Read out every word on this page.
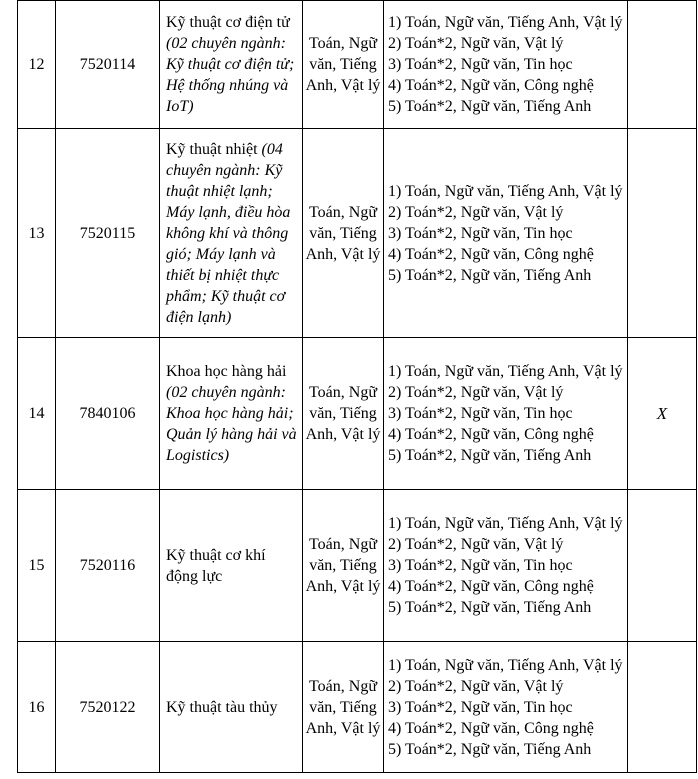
12	7520114	Kỹ thuật cơ điện tử (02 chuyên ngành: Kỹ thuật cơ điện tử; Hệ thống nhúng và IoT)	Toán, Ngữ văn, Tiếng Anh, Vật lý	1) Toán, Ngữ văn, Tiếng Anh, Vật lý
2) Toán*2, Ngữ văn, Vật lý
3) Toán*2, Ngữ văn, Tin học
4) Toán*2, Ngữ văn, Công nghệ
5) Toán*2, Ngữ văn, Tiếng Anh	

13	7520115	Kỹ thuật nhiệt (04 chuyên ngành: Kỹ thuật nhiệt lạnh; Máy lạnh, điều hòa không khí và thông gió; Máy lạnh và thiết bị nhiệt thực phẩm; Kỹ thuật cơ điện lạnh)	Toán, Ngữ văn, Tiếng Anh, Vật lý	1) Toán, Ngữ văn, Tiếng Anh, Vật lý
2) Toán*2, Ngữ văn, Vật lý
3) Toán*2, Ngữ văn, Tin học
4) Toán*2, Ngữ văn, Công nghệ
5) Toán*2, Ngữ văn, Tiếng Anh	

14	7840106	Khoa học hàng hải (02 chuyên ngành: Khoa học hàng hải; Quản lý hàng hải và Logistics)	Toán, Ngữ văn, Tiếng Anh, Vật lý	1) Toán, Ngữ văn, Tiếng Anh, Vật lý
2) Toán*2, Ngữ văn, Vật lý
3) Toán*2, Ngữ văn, Tin học
4) Toán*2, Ngữ văn, Công nghệ
5) Toán*2, Ngữ văn, Tiếng Anh	X
15	7520116	Kỹ thuật cơ khí động lực	Toán, Ngữ văn, Tiếng Anh, Vật lý	1) Toán, Ngữ văn, Tiếng Anh, Vật lý
2) Toán*2, Ngữ văn, Vật lý
3) Toán*2, Ngữ văn, Tin học
4) Toán*2, Ngữ văn, Công nghệ
5) Toán*2, Ngữ văn, Tiếng Anh	

16	7520122	Kỹ thuật tàu thủy	Toán, Ngữ văn, Tiếng Anh, Vật lý	1) Toán, Ngữ văn, Tiếng Anh, Vật lý
2) Toán*2, Ngữ văn, Vật lý
3) Toán*2, Ngữ văn, Tin học
4) Toán*2, Ngữ văn, Công nghệ
5) Toán*2, Ngữ văn, Tiếng Anh	
